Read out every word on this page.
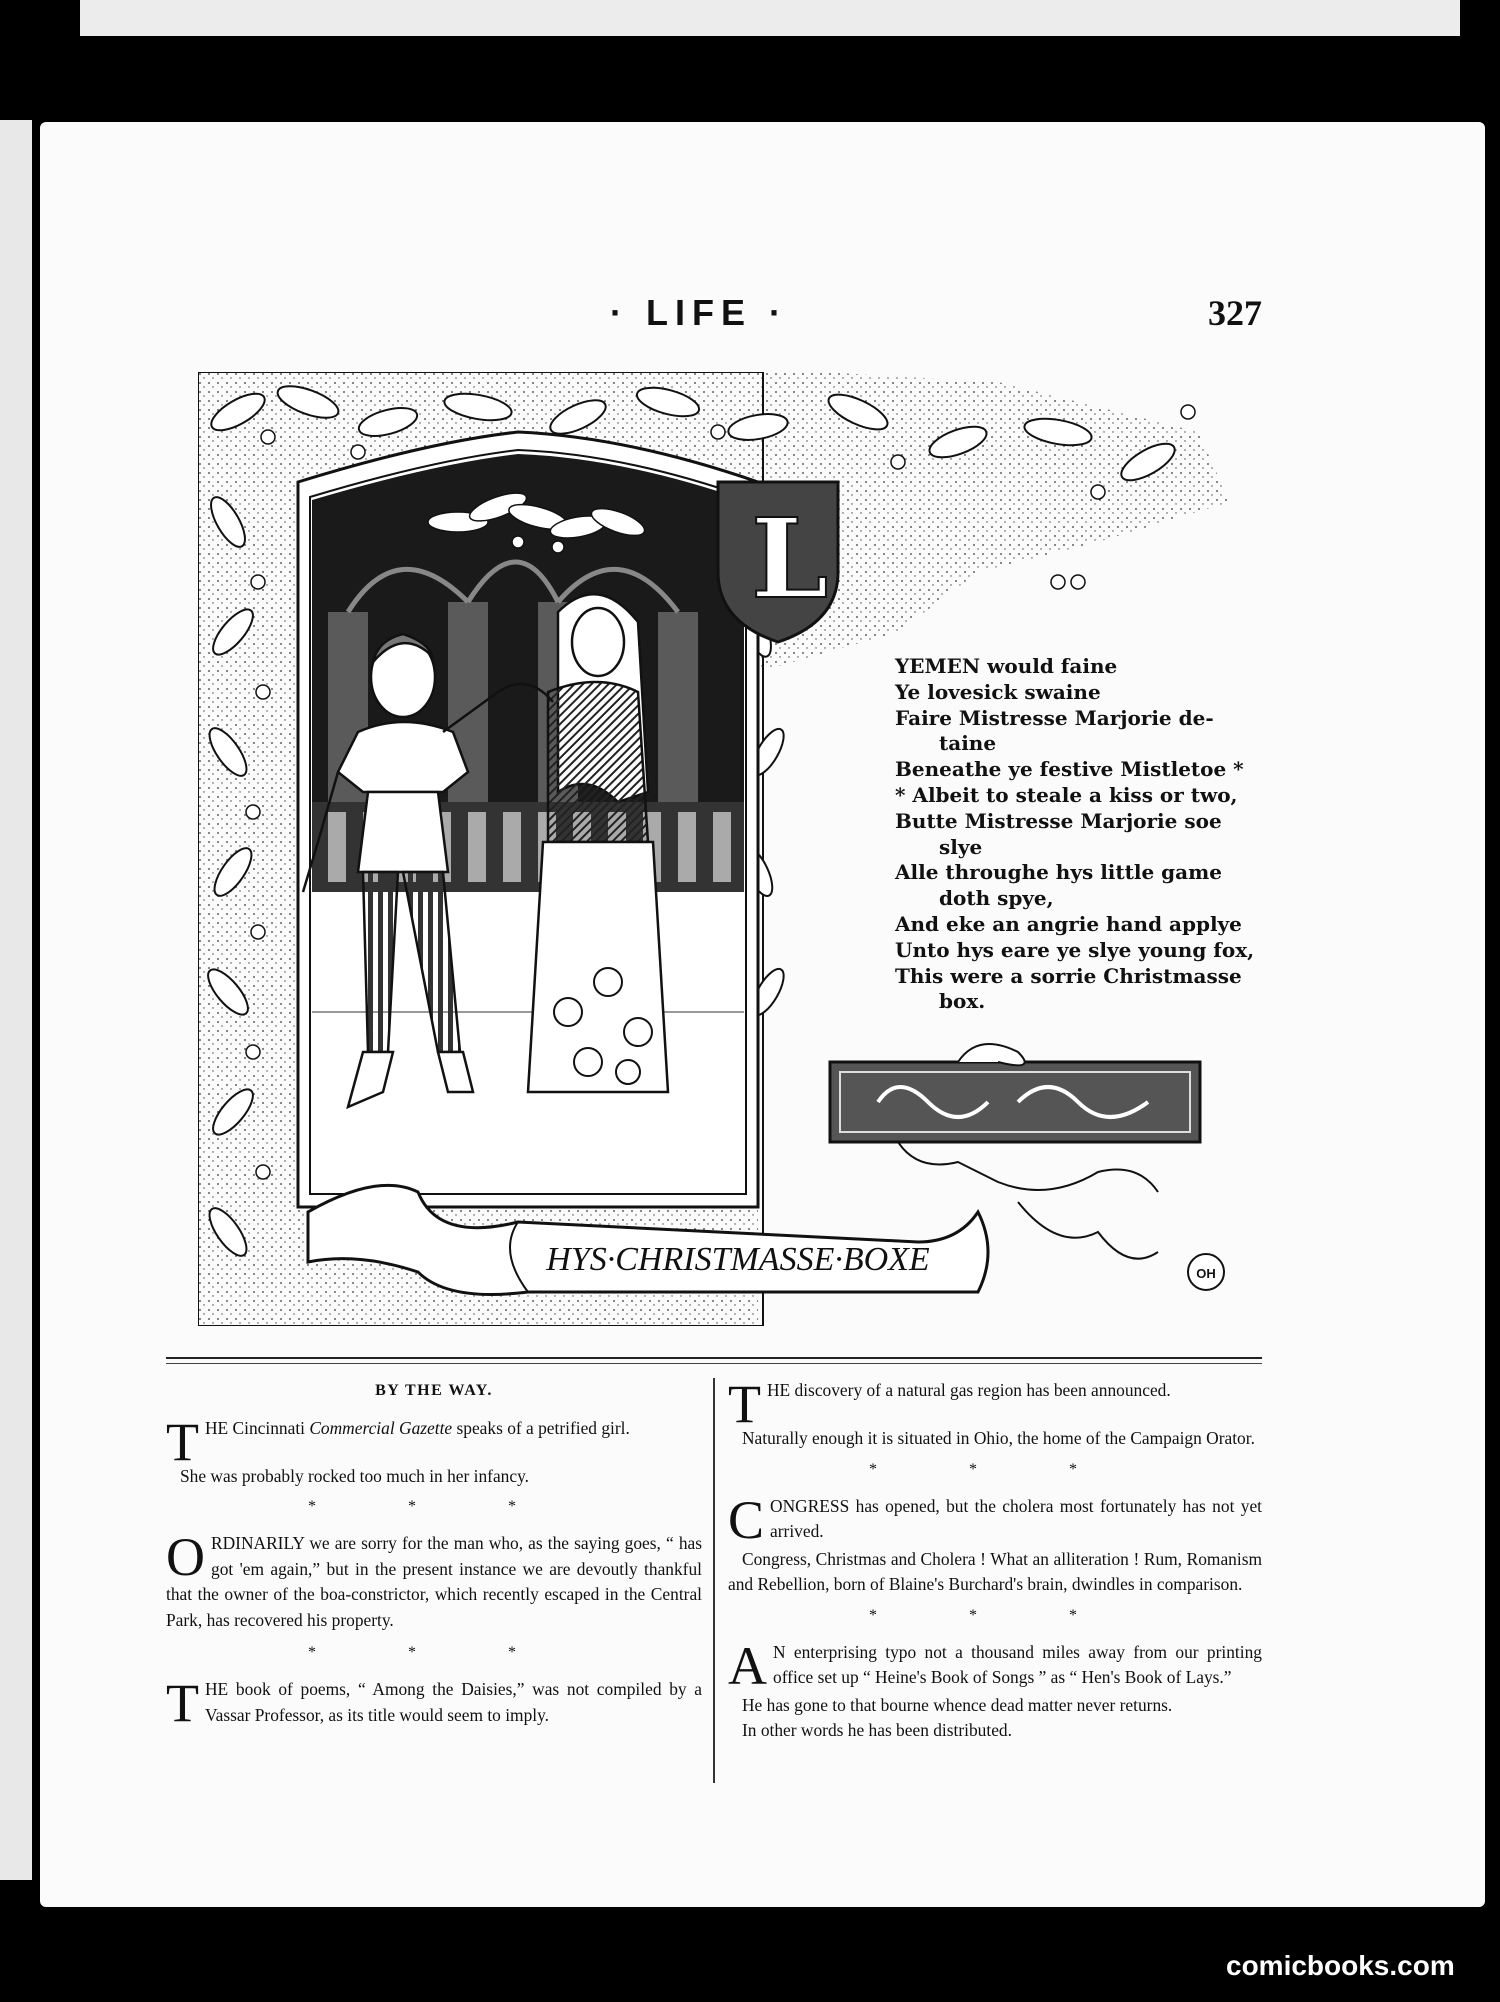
· LIFE ·	327
L
HYS·CHRISTMASSE·BOXE	OH
YEMEN would faine
Ye lovesick swaine
Faire Mistresse Marjorie de-
taine
Beneathe ye festive Mistletoe *
* Albeit to steale a kiss or two,
Butte Mistresse Marjorie soe
slye
Alle throughe hys little game
doth spye,
And eke an angrie hand applye
Unto hys eare ye slye young fox,
This were a sorrie Christmasse
box.

BY THE WAY.

T HE Cincinnati Commercial Gazette speaks of a petrified girl.

She was probably rocked too much in her infancy.

* * *

O RDINARILY we are sorry for the man who, as the saying goes, “ has got 'em again,” but in the present instance we are devoutly thankful that the owner of the boa-constrictor, which recently escaped in the Central Park, has recovered his property.

* * *

T HE book of poems, “ Among the Daisies,” was not compiled by a Vassar Professor, as its title would seem to imply.

T HE discovery of a natural gas region has been announced.

Naturally enough it is situated in Ohio, the home of the Campaign Orator.

* * *

C ONGRESS has opened, but the cholera most fortunately has not yet arrived.

Congress, Christmas and Cholera ! What an alliteration ! Rum, Romanism and Rebellion, born of Blaine's Burchard's brain, dwindles in comparison.

* * *

A N enterprising typo not a thousand miles away from our printing office set up “ Heine's Book of Songs ” as “ Hen's Book of Lays.”

He has gone to that bourne whence dead matter never returns.

In other words he has been distributed.

comicbooks.com
